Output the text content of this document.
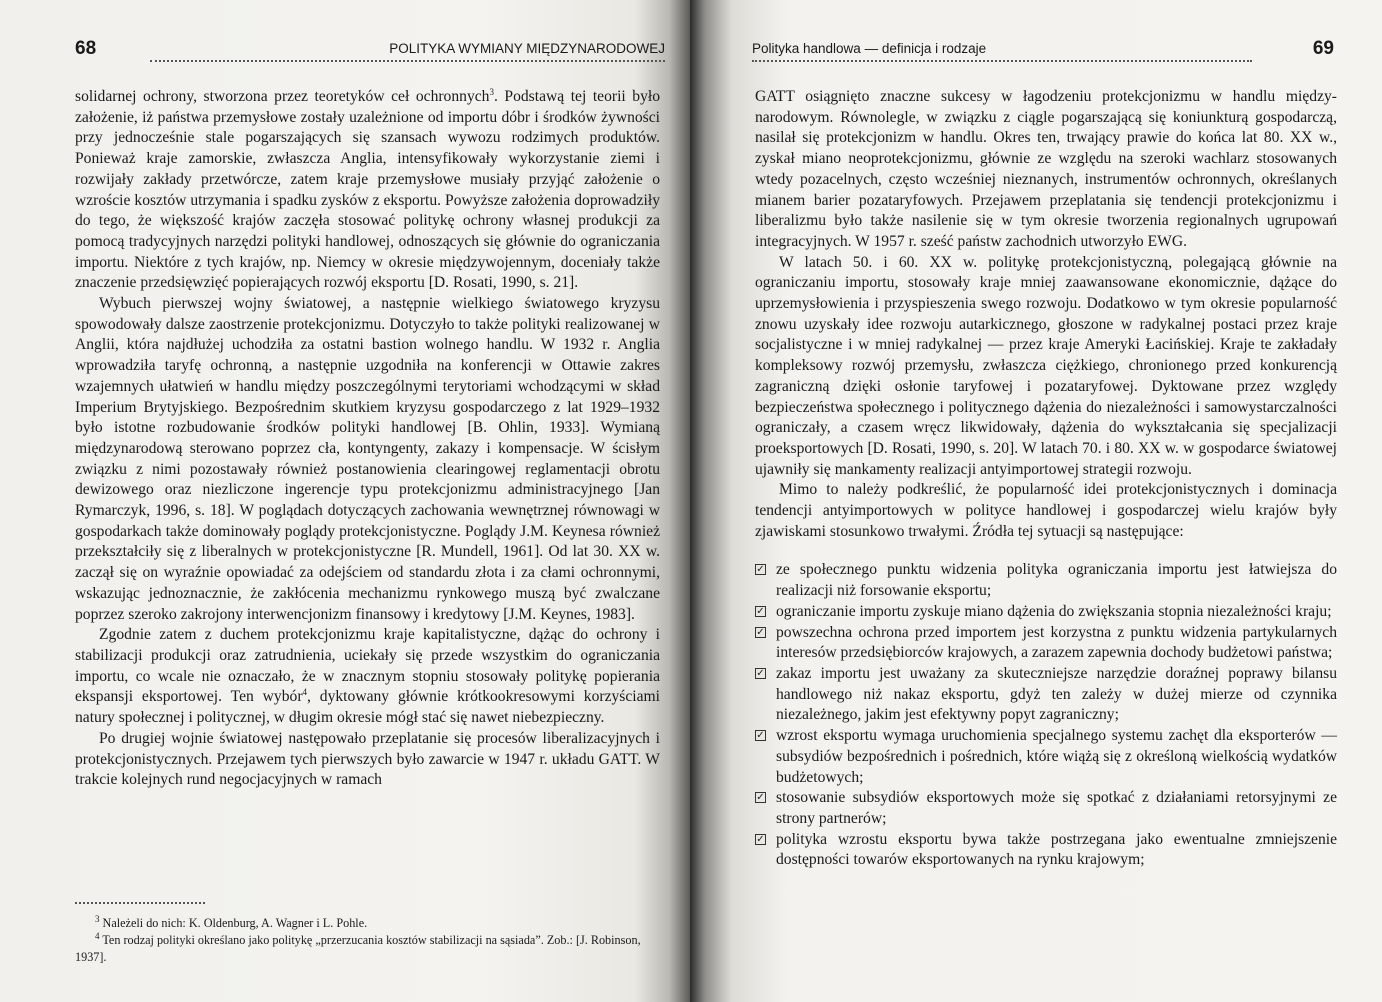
68	POLITYKA WYMIANY MIĘDZYNARODOWEJ

solidarnej ochrony, stworzona przez teoretyków ceł ochronnych$^3$. Podstawą tej teorii było założenie, iż państwa przemysłowe zostały uzależnione od importu dóbr i środków żywności przy jednocześnie stale pogarszających się szansach wywozu rodzimych produktów. Ponieważ kraje zamorskie, zwłaszcza Anglia, intensyfikowały wykorzystanie ziemi i rozwijały zakłady przetwórcze, zatem kraje przemysłowe musiały przyjąć założenie o wzroście kosztów utrzymania i spadku zysków z eksportu. Powyższe założenia doprowadziły do tego, że większość krajów zaczęła stosować politykę ochrony własnej produkcji za pomocą tradycyjnych narzędzi polityki handlowej, odnoszących się głównie do ograniczania importu. Niektóre z tych krajów, np. Niemcy w okresie międzywojennym, doceniały także znaczenie przedsięwzięć popierających rozwój eksportu [D. Rosati, 1990, s. 21].

Wybuch pierwszej wojny światowej, a następnie wielkiego światowego kryzysu spowodowały dalsze zaostrzenie protekcjonizmu. Dotyczyło to także polityki realizowanej w Anglii, która najdłużej uchodziła za ostatni bastion wolnego handlu. W 1932 r. Anglia wprowadziła taryfę ochronną, a następnie uzgodniła na konferencji w Ottawie zakres wzajemnych ułatwień w handlu między poszczególnymi terytoriami wchodzącymi w skład Imperium Brytyjskiego. Bezpośrednim skutkiem kryzysu gospodarczego z lat 1929–1932 było istotne rozbudowanie środków polityki handlowej [B. Ohlin, 1933]. Wymianą międzynarodową sterowano poprzez cła, kontyngenty, zakazy i kompensacje. W ścisłym związku z nimi pozostawały również postanowienia clearingowej reglamentacji obrotu dewizowego oraz niezliczone ingerencje typu protekcjonizmu administracyjnego [Jan Rymarczyk, 1996, s. 18]. W poglądach dotyczących zachowania wewnętrznej równowagi w gospodarkach także dominowały poglądy protekcjonistyczne. Poglądy J.M. Keynesa również przekształciły się z liberalnych w protekcjonistyczne [R. Mundell, 1961]. Od lat 30. XX w. zaczął się on wyraźnie opowiadać za odejściem od standardu złota i za cłami ochronnymi, wskazując jednoznacznie, że zakłócenia mechanizmu rynkowego muszą być zwalczane poprzez szeroko zakrojony interwencjonizm finansowy i kredytowy [J.M. Keynes, 1983].

Zgodnie zatem z duchem protekcjonizmu kraje kapitalistyczne, dążąc do ochrony i stabilizacji produkcji oraz zatrudnienia, uciekały się przede wszystkim do ograniczania importu, co wcale nie oznaczało, że w znacznym stopniu stosowały politykę popierania ekspansji eksportowej. Ten wybór$^4$, dyktowany głównie krótkookresowymi korzyściami natury społecznej i politycznej, w długim okresie mógł stać się nawet niebezpieczny.

Po drugiej wojnie światowej następowało przeplatanie się procesów liberalizacyjnych i protekcjonistycznych. Przejawem tych pierwszych było zawarcie w 1947 r. układu GATT. W trakcie kolejnych rund negocjacyjnych w ramach

$^3$ Należeli do nich: K. Oldenburg, A. Wagner i L. Pohle.

$^4$ Ten rodzaj polityki określano jako politykę „przerzucania kosztów stabilizacji na sąsiada”. Zob.: [J. Robinson, 1937].

Polityka handlowa — definicja i rodzaje	69

GATT osiągnięto znaczne sukcesy w łagodzeniu protekcjonizmu w handlu międzynarodowym. Równolegle, w związku z ciągle pogarszającą się koniunkturą gospodarczą, nasilał się protekcjonizm w handlu. Okres ten, trwający prawie do końca lat 80. XX w., zyskał miano neoprotekcjonizmu, głównie ze względu na szeroki wachlarz stosowanych wtedy pozacelnych, często wcześniej nieznanych, instrumentów ochronnych, określanych mianem barier pozataryfowych. Przejawem przeplatania się tendencji protekcjonizmu i liberalizmu było także nasilenie się w tym okresie tworzenia regionalnych ugrupowań integracyjnych. W 1957 r. sześć państw zachodnich utworzyło EWG.

W latach 50. i 60. XX w. politykę protekcjonistyczną, polegającą głównie na ograniczaniu importu, stosowały kraje mniej zaawansowane ekonomicznie, dążące do uprzemysłowienia i przyspieszenia swego rozwoju. Dodatkowo w tym okresie popularność znowu uzyskały idee rozwoju autarkicznego, głoszone w radykalnej postaci przez kraje socjalistyczne i w mniej radykalnej — przez kraje Ameryki Łacińskiej. Kraje te zakładały kompleksowy rozwój przemysłu, zwłaszcza ciężkiego, chronionego przed konkurencją zagraniczną dzięki osłonie taryfowej i pozataryfowej. Dyktowane przez względy bezpieczeństwa społecznego i politycznego dążenia do niezależności i samowystarczalności ograniczały, a czasem wręcz likwidowały, dążenia do wykształcania się specjalizacji proeksportowych [D. Rosati, 1990, s. 20]. W latach 70. i 80. XX w. w gospodarce światowej ujawniły się mankamenty realizacji antyimportowej strategii rozwoju.

Mimo to należy podkreślić, że popularność idei protekcjonistycznych i dominacja tendencji antyimportowych w polityce handlowej i gospodarczej wielu krajów były zjawiskami stosunkowo trwałymi. Źródła tej sytuacji są następujące:

✓ ze społecznego punktu widzenia polityka ograniczania importu jest łatwiejsza do realizacji niż forsowanie eksportu;
✓ ograniczanie importu zyskuje miano dążenia do zwiększania stopnia niezależności kraju;
✓ powszechna ochrona przed importem jest korzystna z punktu widzenia partykularnych interesów przedsiębiorców krajowych, a zarazem zapewnia dochody budżetowi państwa;
✓ zakaz importu jest uważany za skuteczniejsze narzędzie doraźnej poprawy bilansu handlowego niż nakaz eksportu, gdyż ten zależy w dużej mierze od czynnika niezależnego, jakim jest efektywny popyt zagraniczny;
✓ wzrost eksportu wymaga uruchomienia specjalnego systemu zachęt dla eksporterów — subsydiów bezpośrednich i pośrednich, które wiążą się z określoną wielkością wydatków budżetowych;
✓ stosowanie subsydiów eksportowych może się spotkać z działaniami retorsyjnymi ze strony partnerów;
✓ polityka wzrostu eksportu bywa także postrzegana jako ewentualne zmniejszenie dostępności towarów eksportowanych na rynku krajowym;
